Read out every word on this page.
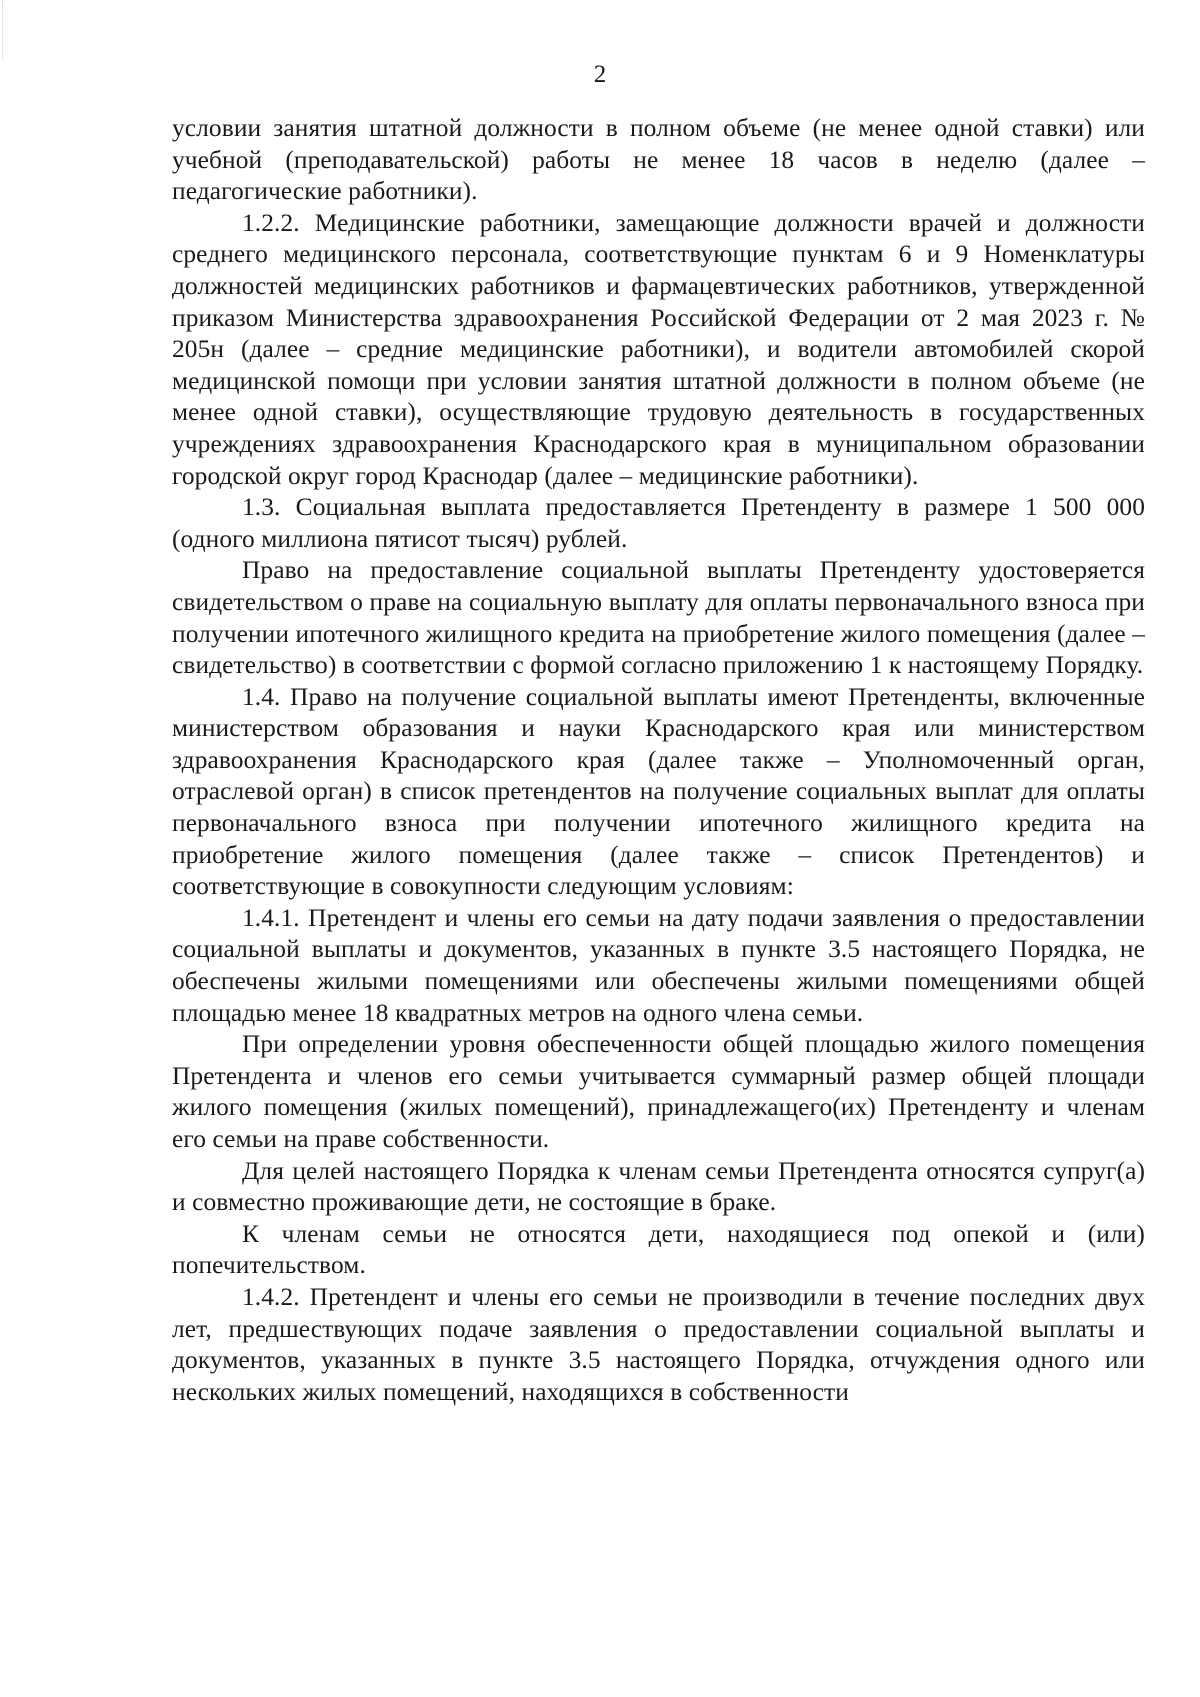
2

условии занятия штатной должности в полном объеме (не менее одной ставки) или учебной (преподавательской) работы не менее 18 часов в неделю (далее – педагогические работники).

1.2.2. Медицинские работники, замещающие должности врачей и должности среднего медицинского персонала, соответствующие пунктам 6 и 9 Номенклатуры должностей медицинских работников и фармацевтических работников, утвержденной приказом Министерства здравоохранения Российской Федерации от 2 мая 2023 г. № 205н (далее – средние медицинские работники), и водители автомобилей скорой медицинской помощи при условии занятия штатной должности в полном объеме (не менее одной ставки), осуществляющие трудовую деятельность в государственных учреждениях здравоохранения Краснодарского края в муниципальном образовании городской округ город Краснодар (далее – медицинские работники).

1.3. Социальная выплата предоставляется Претенденту в размере 1 500 000 (одного миллиона пятисот тысяч) рублей.

Право на предоставление социальной выплаты Претенденту удостоверяется свидетельством о праве на социальную выплату для оплаты первоначального взноса при получении ипотечного жилищного кредита на приобретение жилого помещения (далее – свидетельство) в соответствии с формой согласно приложению 1 к настоящему Порядку.

1.4. Право на получение социальной выплаты имеют Претенденты, включенные министерством образования и науки Краснодарского края или министерством здравоохранения Краснодарского края (далее также – Уполномоченный орган, отраслевой орган) в список претендентов на получение социальных выплат для оплаты первоначального взноса при получении ипотечного жилищного кредита на приобретение жилого помещения (далее также – список Претендентов) и соответствующие в совокупности следующим условиям:

1.4.1. Претендент и члены его семьи на дату подачи заявления о предоставлении социальной выплаты и документов, указанных в пункте 3.5 настоящего Порядка, не обеспечены жилыми помещениями или обеспечены жилыми помещениями общей площадью менее 18 квадратных метров на одного члена семьи.

При определении уровня обеспеченности общей площадью жилого помещения Претендента и членов его семьи учитывается суммарный размер общей площади жилого помещения (жилых помещений), принадлежащего(их) Претенденту и членам его семьи на праве собственности.

Для целей настоящего Порядка к членам семьи Претендента относятся супруг(а) и совместно проживающие дети, не состоящие в браке.

К членам семьи не относятся дети, находящиеся под опекой и (или) попечительством.

1.4.2. Претендент и члены его семьи не производили в течение последних двух лет, предшествующих подаче заявления о предоставлении социальной выплаты и документов, указанных в пункте 3.5 настоящего Порядка, отчуждения одного или нескольких жилых помещений, находящихся в собственности
